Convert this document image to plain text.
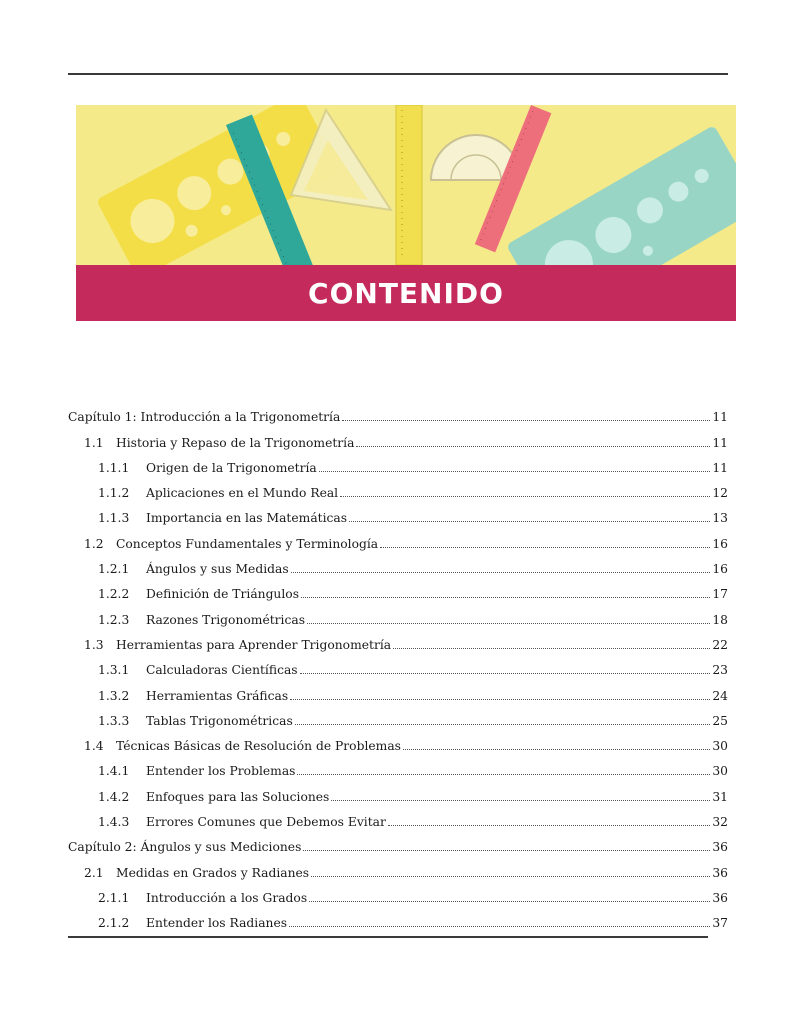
CONTENIDO
Capítulo 1: Introducción a la Trigonometría	11
1.1	Historia y Repaso de la Trigonometría	11
1.1.1	Origen de la Trigonometría	11
1.1.2	Aplicaciones en el Mundo Real	12
1.1.3	Importancia en las Matemáticas	13
1.2	Conceptos Fundamentales y Terminología	16
1.2.1	Ángulos y sus Medidas	16
1.2.2	Definición de Triángulos	17
1.2.3	Razones Trigonométricas	18
1.3	Herramientas para Aprender Trigonometría	22
1.3.1	Calculadoras Científicas	23
1.3.2	Herramientas Gráficas	24
1.3.3	Tablas Trigonométricas	25
1.4	Técnicas Básicas de Resolución de Problemas	30
1.4.1	Entender los Problemas	30
1.4.2	Enfoques para las Soluciones	31
1.4.3	Errores Comunes que Debemos Evitar	32
Capítulo 2: Ángulos y sus Mediciones	36
2.1	Medidas en Grados y Radianes	36
2.1.1	Introducción a los Grados	36
2.1.2	Entender los Radianes	37
